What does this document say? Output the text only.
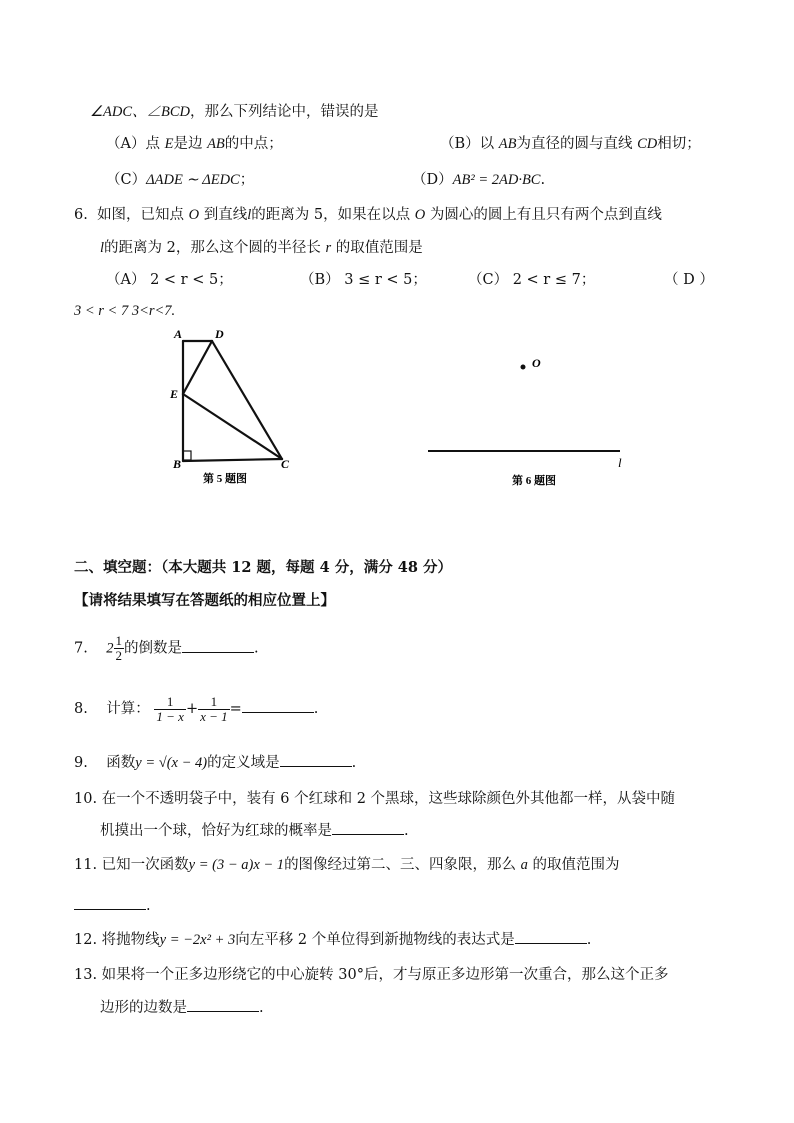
∠ADC、∠BCD，那么下列结论中，错误的是
（A）点 E是边 AB的中点；	（B）以 AB为直径的圆与直线 CD相切；
（C）ΔADE ∼ ΔEDC；	（D）AB² = 2AD·BC.
6. 如图，已知点 O 到直线l的距离为 5，如果在以点 O 为圆心的圆上有且只有两个点到直线
l的距离为 2，那么这个圆的半径长 r 的取值范围是
（A） 2 < r < 5；	（B） 3 ≤ r < 5；	（C） 2 < r ≤ 7；	（ D ）
3 < r < 7 3<r<7.
A	D
E
B	C
第 5 题图
O
l
第 6 题图
二、填空题：（本大题共 12 题，每题 4 分，满分 48 分）
【请将结果填写在答题纸的相应位置上】
7. $2 \frac{1}{2}$ 的倒数是	.
8. 计算： $\frac{1}{1 - x} + \frac{1}{x - 1}$ =	.
9. 函数y = √(x − 4)的定义域是	.
10. 在一个不透明袋子中，装有 6 个红球和 2 个黑球，这些球除颜色外其他都一样，从袋中随
机摸出一个球，恰好为红球的概率是	.
11. 已知一次函数y = (3 − a)x − 1的图像经过第二、三、四象限，那么 a 的取值范围为
.
12. 将抛物线y = −2x² + 3向左平移 2 个单位得到新抛物线的表达式是	.
13. 如果将一个正多边形绕它的中心旋转 30°后，才与原正多边形第一次重合，那么这个正多
边形的边数是	.
